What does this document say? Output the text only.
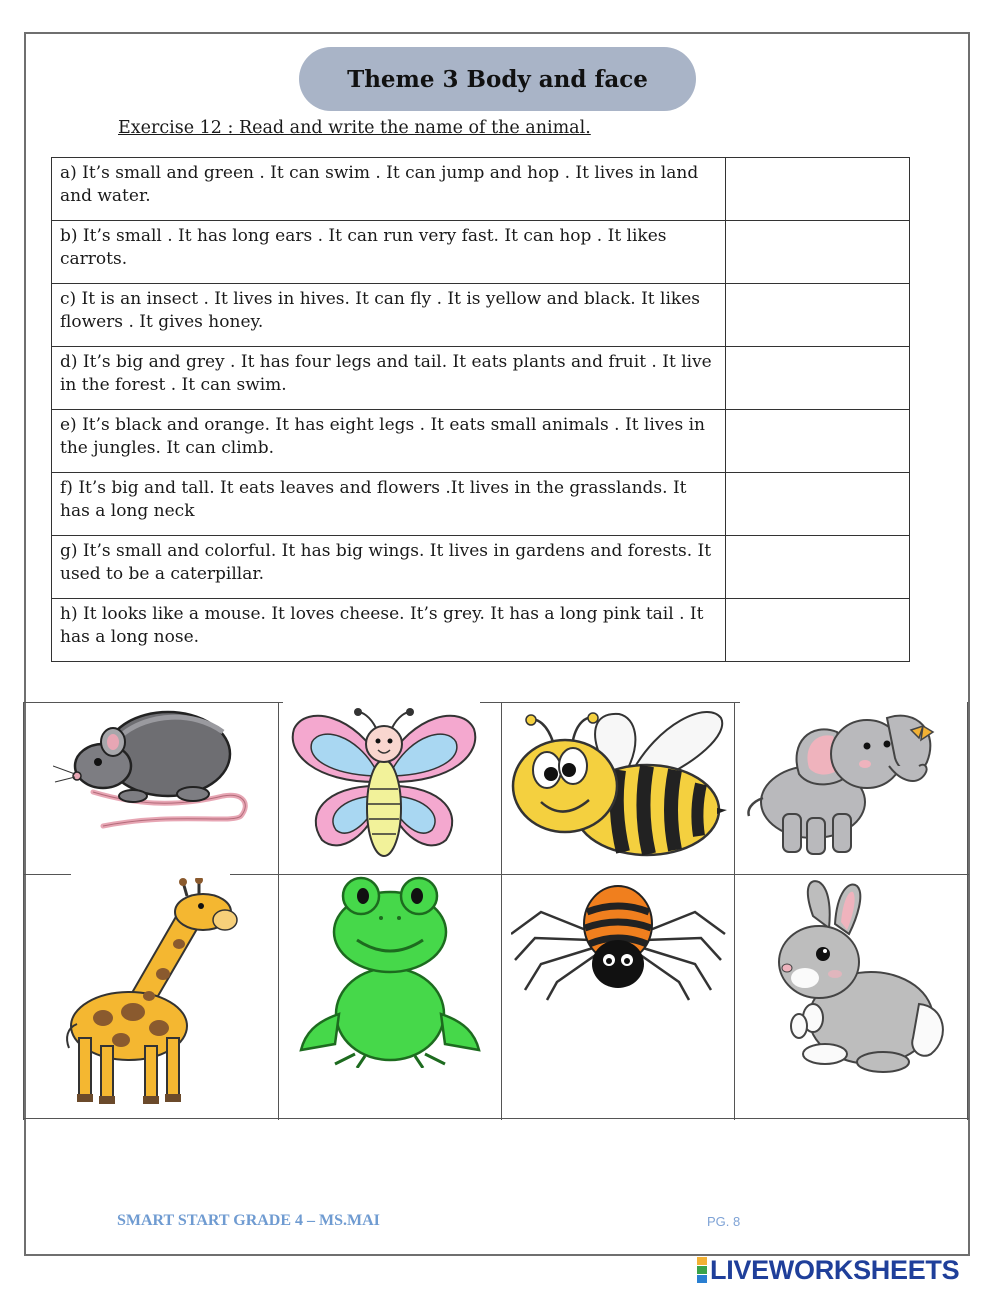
Theme 3 Body and face
Exercise 12 : Read and write the name of the animal.
a) It’s small and green . It can swim . It can jump and hop . It lives in land and water.	
b) It’s small . It has long ears . It can run very fast. It can hop . It likes carrots.	
c) It is an insect . It lives in hives. It can fly . It is yellow and black. It likes flowers . It gives honey.	
d) It’s big and grey . It has four legs and tail. It eats plants and fruit . It live in the forest . It can swim.	
e) It’s black and orange. It has eight legs . It eats small animals . It lives in the jungles. It can climb.	
f) It’s big and tall. It eats leaves and flowers .It lives in the grasslands. It has a long neck	
g) It’s small and colorful. It has big wings. It lives in gardens and forests. It used to be a caterpillar.	
h) It looks like a mouse. It loves cheese. It’s grey. It has a long pink tail . It has a long nose.	
SMART START GRADE 4 – MS.MAI	PG. 8
LIVEWORKSHEETS
